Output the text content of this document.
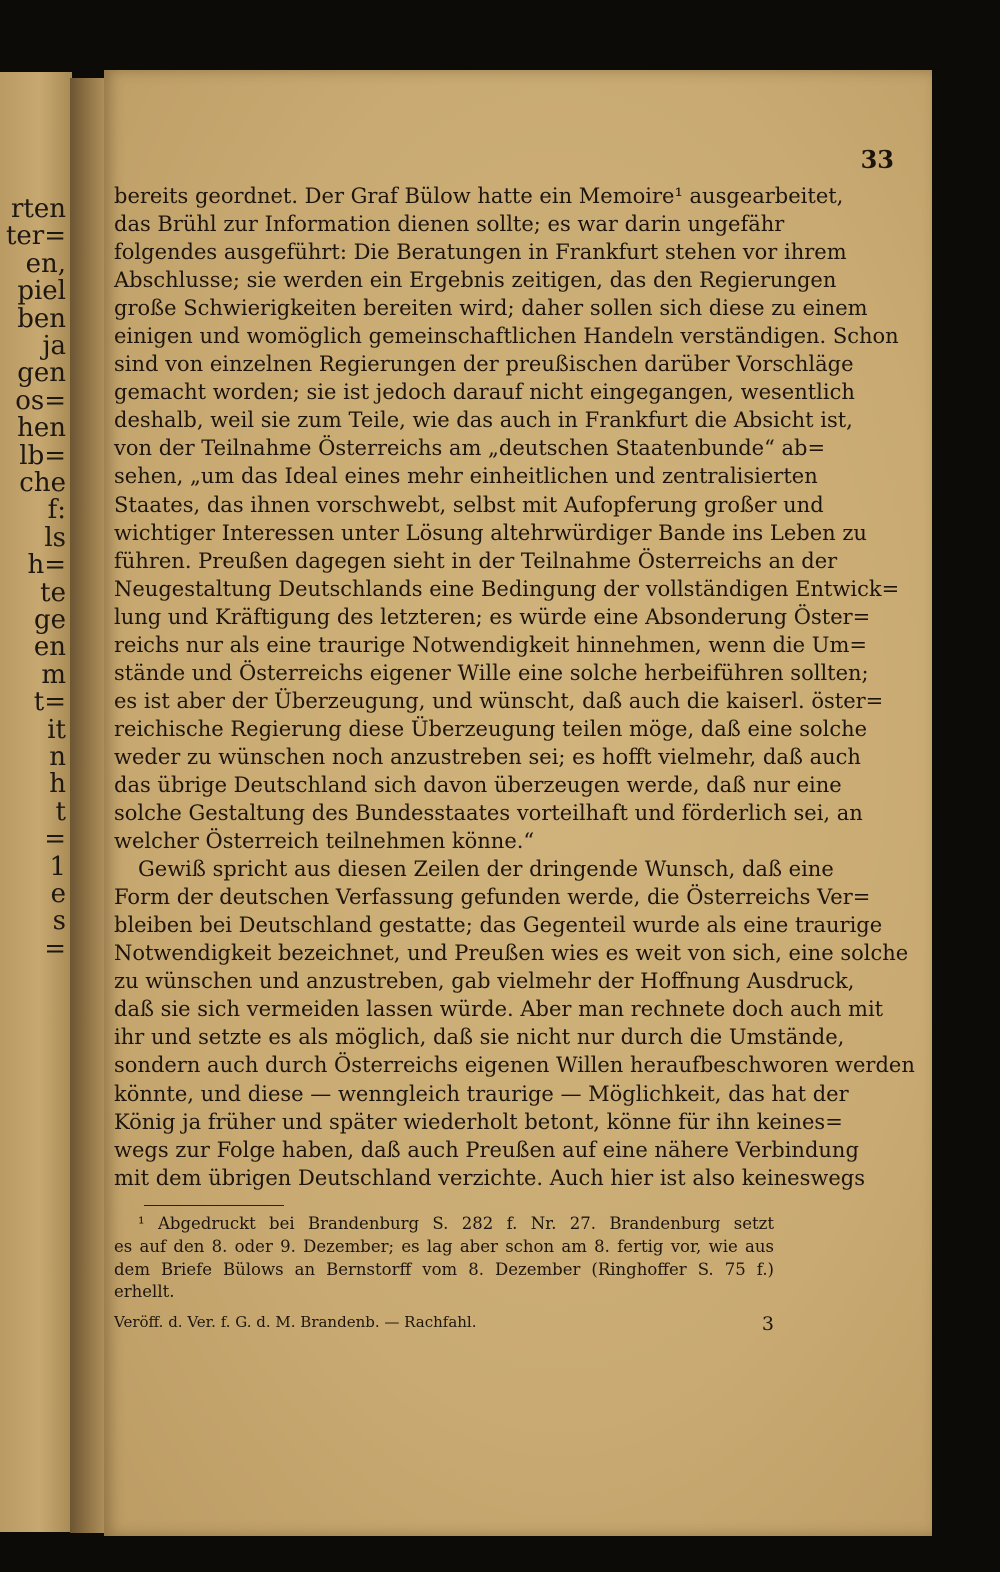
rten
ter=
en,
piel
ben
ja
gen
os=
hen
lb=
che
f:
ls
h=
te
ge
en
m
t=
it
n
h
t
=
1
e
s
=
33
bereits geordnet. Der Graf Bülow hatte ein Memoire¹ ausgearbeitet,
das Brühl zur Information dienen sollte; es war darin ungefähr
folgendes ausgeführt: Die Beratungen in Frankfurt stehen vor ihrem
Abschlusse; sie werden ein Ergebnis zeitigen, das den Regierungen
große Schwierigkeiten bereiten wird; daher sollen sich diese zu einem
einigen und womöglich gemeinschaftlichen Handeln verständigen. Schon
sind von einzelnen Regierungen der preußischen darüber Vorschläge
gemacht worden; sie ist jedoch darauf nicht eingegangen, wesentlich
deshalb, weil sie zum Teile, wie das auch in Frankfurt die Absicht ist,
von der Teilnahme Österreichs am „deutschen Staatenbunde“ ab=
sehen, „um das Ideal eines mehr einheitlichen und zentralisierten
Staates, das ihnen vorschwebt, selbst mit Aufopferung großer und
wichtiger Interessen unter Lösung altehrwürdiger Bande ins Leben zu
führen. Preußen dagegen sieht in der Teilnahme Österreichs an der
Neugestaltung Deutschlands eine Bedingung der vollständigen Entwick=
lung und Kräftigung des letzteren; es würde eine Absonderung Öster=
reichs nur als eine traurige Notwendigkeit hinnehmen, wenn die Um=
stände und Österreichs eigener Wille eine solche herbeiführen sollten;
es ist aber der Überzeugung, und wünscht, daß auch die kaiserl. öster=
reichische Regierung diese Überzeugung teilen möge, daß eine solche
weder zu wünschen noch anzustreben sei; es hofft vielmehr, daß auch
das übrige Deutschland sich davon überzeugen werde, daß nur eine
solche Gestaltung des Bundesstaates vorteilhaft und förderlich sei, an
welcher Österreich teilnehmen könne.“
Gewiß spricht aus diesen Zeilen der dringende Wunsch, daß eine
Form der deutschen Verfassung gefunden werde, die Österreichs Ver=
bleiben bei Deutschland gestatte; das Gegenteil wurde als eine traurige
Notwendigkeit bezeichnet, und Preußen wies es weit von sich, eine solche
zu wünschen und anzustreben, gab vielmehr der Hoffnung Ausdruck,
daß sie sich vermeiden lassen würde. Aber man rechnete doch auch mit
ihr und setzte es als möglich, daß sie nicht nur durch die Umstände,
sondern auch durch Österreichs eigenen Willen heraufbeschworen werden
könnte, und diese — wenngleich traurige — Möglichkeit, das hat der
König ja früher und später wiederholt betont, könne für ihn keines=
wegs zur Folge haben, daß auch Preußen auf eine nähere Verbindung
mit dem übrigen Deutschland verzichte. Auch hier ist also keineswegs
¹ Abgedruckt bei Brandenburg S. 282 f. Nr. 27. Brandenburg setzt
es auf den 8. oder 9. Dezember; es lag aber schon am 8. fertig vor, wie aus
dem Briefe Bülows an Bernstorff vom 8. Dezember (Ringhoffer S. 75 f.)
erhellt.
Veröff. d. Ver. f. G. d. M. Brandenb. — Rachfahl.	3
